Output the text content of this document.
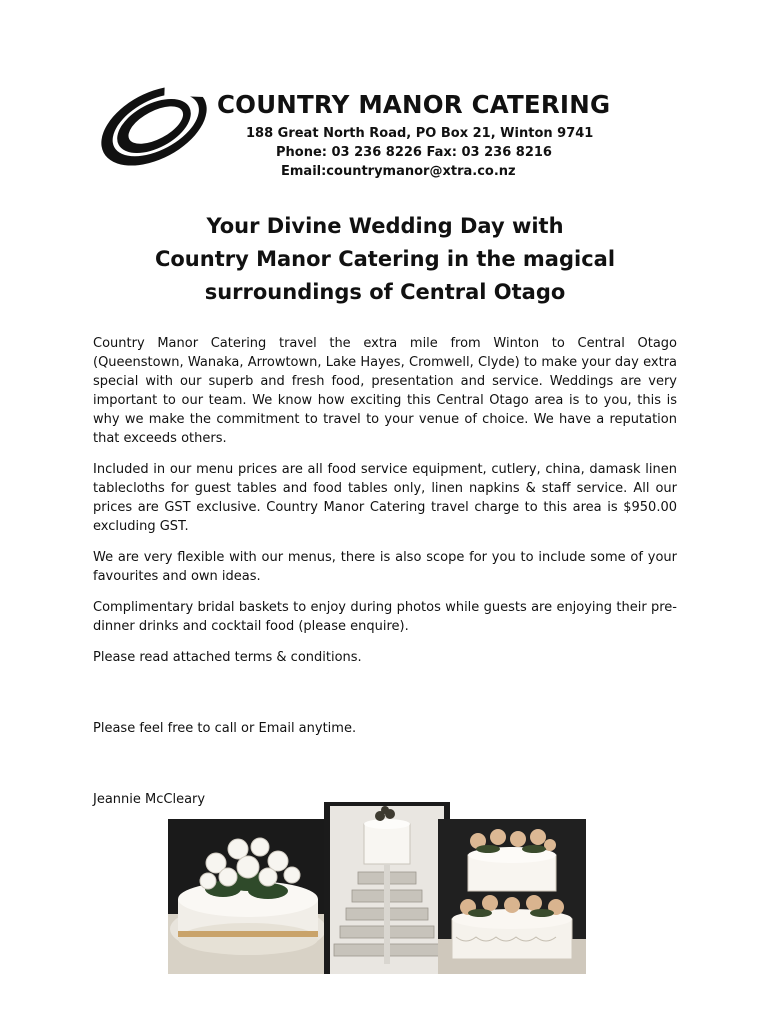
COUNTRY MANOR CATERING
188 Great North Road, PO Box 21, Winton 9741
Phone: 03 236 8226 Fax: 03 236 8216
Email:countrymanor@xtra.co.nz
Your Divine Wedding Day with
Country Manor Catering in the magical
surroundings of Central Otago

Country Manor Catering travel the extra mile from Winton to Central Otago (Queenstown, Wanaka, Arrowtown, Lake Hayes, Cromwell, Clyde) to make your day extra special with our superb and fresh food, presentation and service. Weddings are very important to our team. We know how exciting this Central Otago area is to you, this is why we make the commitment to travel to your venue of choice. We have a reputation that exceeds others.

Included in our menu prices are all food service equipment, cutlery, china, damask linen tablecloths for guest tables and food tables only, linen napkins & staff service. All our prices are GST exclusive. Country Manor Catering travel charge to this area is $950.00 excluding GST.

We are very flexible with our menus, there is also scope for you to include some of your favourites and own ideas.

Complimentary bridal baskets to enjoy during photos while guests are enjoying their pre-dinner drinks and cocktail food (please enquire).

Please read attached terms & conditions.

Please feel free to call or Email anytime.

Jeannie McCleary
